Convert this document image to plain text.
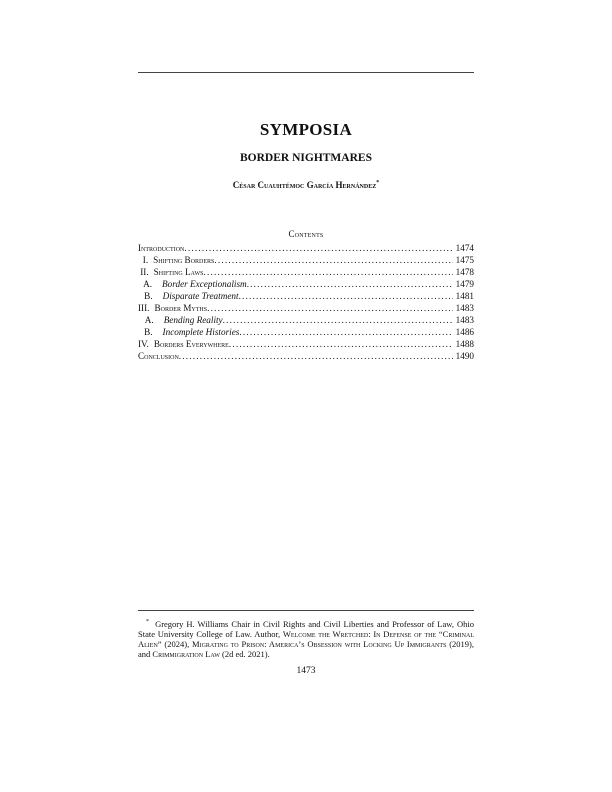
SYMPOSIA
BORDER NIGHTMARES
César Cuauhtémoc García Hernández*
Contents
Introduction .....	1474
I. Shifting Borders .....	1475
II. Shifting Laws .....	1478
A.	Border Exceptionalism .....	1479
B.	Disparate Treatment .....	1481
III. Border Myths .....	1483
A.	Bending Reality .....	1483
B.	Incomplete Histories .....	1486
IV. Borders Everywhere .....	1488
Conclusion .....	1490
* Gregory H. Williams Chair in Civil Rights and Civil Liberties and Professor of Law, Ohio State University College of Law. Author, Welcome the Wretched: In Defense of the “Criminal Alien” (2024), Migrating to Prison: America’s Obsession with Locking Up Immigrants (2019), and Crimmigration Law (2d ed. 2021).
1473
